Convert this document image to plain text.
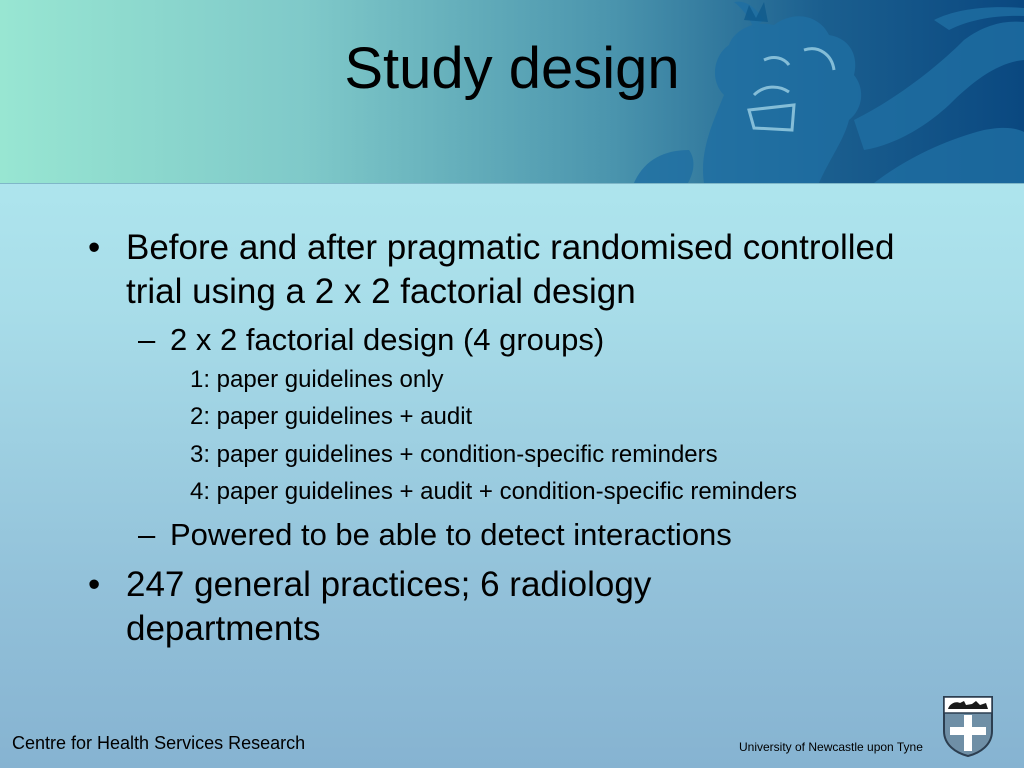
Study design
• Before and after pragmatic randomised controlled trial using a 2 x 2 factorial design
– 2 x 2 factorial design (4 groups)
1: paper guidelines only
2: paper guidelines + audit
3: paper guidelines + condition-specific reminders
4: paper guidelines + audit + condition-specific reminders
– Powered to be able to detect interactions
• 247 general practices; 6 radiology departments
Centre for Health Services Research	University of Newcastle upon Tyne
